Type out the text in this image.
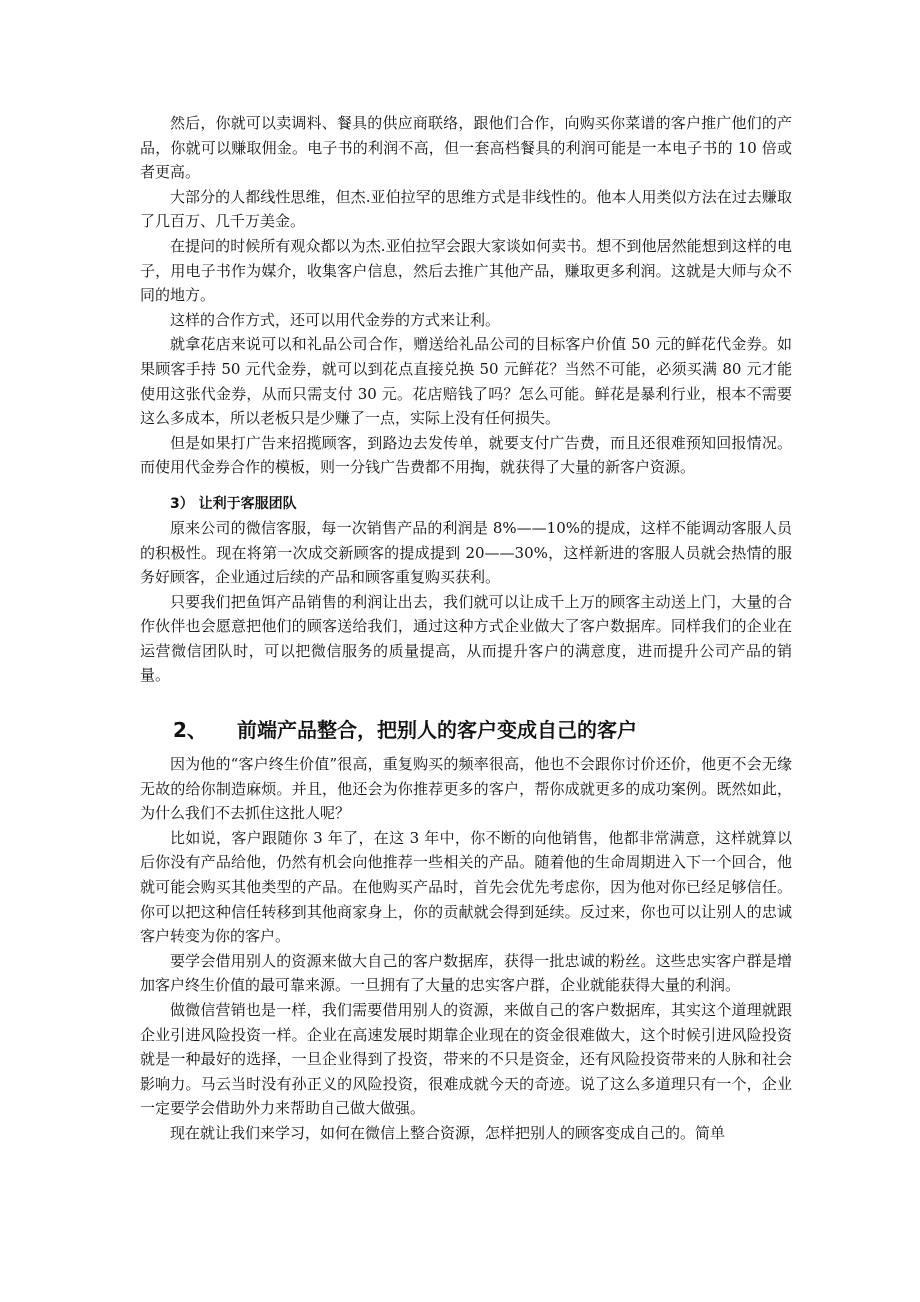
然后，你就可以卖调料、餐具的供应商联络，跟他们合作，向购买你菜谱的客户推广他们的产品，你就可以赚取佣金。电子书的利润不高，但一套高档餐具的利润可能是一本电子书的 10 倍或者更高。

大部分的人都线性思维，但杰.亚伯拉罕的思维方式是非线性的。他本人用类似方法在过去赚取了几百万、几千万美金。

在提问的时候所有观众都以为杰.亚伯拉罕会跟大家谈如何卖书。想不到他居然能想到这样的电子，用电子书作为媒介，收集客户信息，然后去推广其他产品，赚取更多利润。这就是大师与众不同的地方。

这样的合作方式，还可以用代金券的方式来让利。

就拿花店来说可以和礼品公司合作，赠送给礼品公司的目标客户价值 50 元的鲜花代金券。如果顾客手持 50 元代金券，就可以到花点直接兑换 50 元鲜花？当然不可能，必须买满 80 元才能使用这张代金券，从而只需支付 30 元。花店赔钱了吗？怎么可能。鲜花是暴利行业，根本不需要这么多成本，所以老板只是少赚了一点，实际上没有任何损失。

但是如果打广告来招揽顾客，到路边去发传单，就要支付广告费，而且还很难预知回报情况。而使用代金券合作的模板，则一分钱广告费都不用掏，就获得了大量的新客户资源。

3） 让利于客服团队

原来公司的微信客服，每一次销售产品的利润是 8%——10%的提成，这样不能调动客服人员的积极性。现在将第一次成交新顾客的提成提到 20——30%，这样新进的客服人员就会热情的服务好顾客，企业通过后续的产品和顾客重复购买获利。

只要我们把鱼饵产品销售的利润让出去，我们就可以让成千上万的顾客主动送上门，大量的合作伙伴也会愿意把他们的顾客送给我们，通过这种方式企业做大了客户数据库。同样我们的企业在运营微信团队时，可以把微信服务的质量提高，从而提升客户的满意度，进而提升公司产品的销量。

2、	前端产品整合，把别人的客户变成自己的客户

因为他的“客户终生价值”很高，重复购买的频率很高，他也不会跟你讨价还价，他更不会无缘无故的给你制造麻烦。并且，他还会为你推荐更多的客户，帮你成就更多的成功案例。既然如此，为什么我们不去抓住这批人呢？

比如说，客户跟随你 3 年了，在这 3 年中，你不断的向他销售，他都非常满意，这样就算以后你没有产品给他，仍然有机会向他推荐一些相关的产品。随着他的生命周期进入下一个回合，他就可能会购买其他类型的产品。在他购买产品时，首先会优先考虑你，因为他对你已经足够信任。你可以把这种信任转移到其他商家身上，你的贡献就会得到延续。反过来，你也可以让别人的忠诚客户转变为你的客户。

要学会借用别人的资源来做大自己的客户数据库，获得一批忠诚的粉丝。这些忠实客户群是增加客户终生价值的最可靠来源。一旦拥有了大量的忠实客户群，企业就能获得大量的利润。

做微信营销也是一样，我们需要借用别人的资源，来做自己的客户数据库，其实这个道理就跟企业引进风险投资一样。企业在高速发展时期靠企业现在的资金很难做大，这个时候引进风险投资就是一种最好的选择，一旦企业得到了投资，带来的不只是资金，还有风险投资带来的人脉和社会影响力。马云当时没有孙正义的风险投资，很难成就今天的奇迹。说了这么多道理只有一个，企业一定要学会借助外力来帮助自己做大做强。

现在就让我们来学习，如何在微信上整合资源，怎样把别人的顾客变成自己的。简单
